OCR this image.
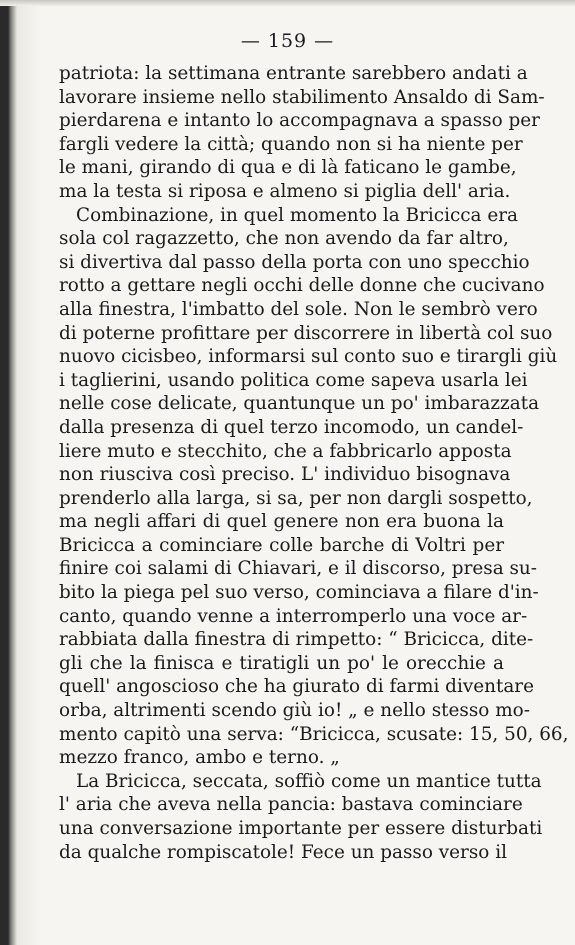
— 159 —
patriota: la settimana entrante sarebbero andati a
lavorare insieme nello stabilimento Ansaldo di Sam-
pierdarena e intanto lo accompagnava a spasso per
fargli vedere la città; quando non si ha niente per
le mani, girando di qua e di là faticano le gambe,
ma la testa si riposa e almeno si piglia dell' aria.
Combinazione, in quel momento la Bricicca era
sola col ragazzetto, che non avendo da far altro,
si divertiva dal passo della porta con uno specchio
rotto a gettare negli occhi delle donne che cucivano
alla finestra, l'imbatto del sole. Non le sembrò vero
di poterne profittare per discorrere in libertà col suo
nuovo cicisbeo, informarsi sul conto suo e tirargli giù
i taglierini, usando politica come sapeva usarla lei
nelle cose delicate, quantunque un po' imbarazzata
dalla presenza di quel terzo incomodo, un candel-
liere muto e stecchito, che a fabbricarlo apposta
non riusciva così preciso. L' individuo bisognava
prenderlo alla larga, si sa, per non dargli sospetto,
ma negli affari di quel genere non era buona la
Bricicca a cominciare colle barche di Voltri per
finire coi salami di Chiavari, e il discorso, presa su-
bito la piega pel suo verso, cominciava a filare d'in-
canto, quando venne a interromperlo una voce ar-
rabbiata dalla finestra di rimpetto: “ Bricicca, dite-
gli che la finisca e tiratigli un po' le orecchie a
quell' angoscioso che ha giurato di farmi diventare
orba, altrimenti scendo giù io! „ e nello stesso mo-
mento capitò una serva: “Bricicca, scusate: 15, 50, 66,
mezzo franco, ambo e terno. „
La Bricicca, seccata, soffiò come un mantice tutta
l' aria che aveva nella pancia: bastava cominciare
una conversazione importante per essere disturbati
da qualche rompiscatole! Fece un passo verso il
